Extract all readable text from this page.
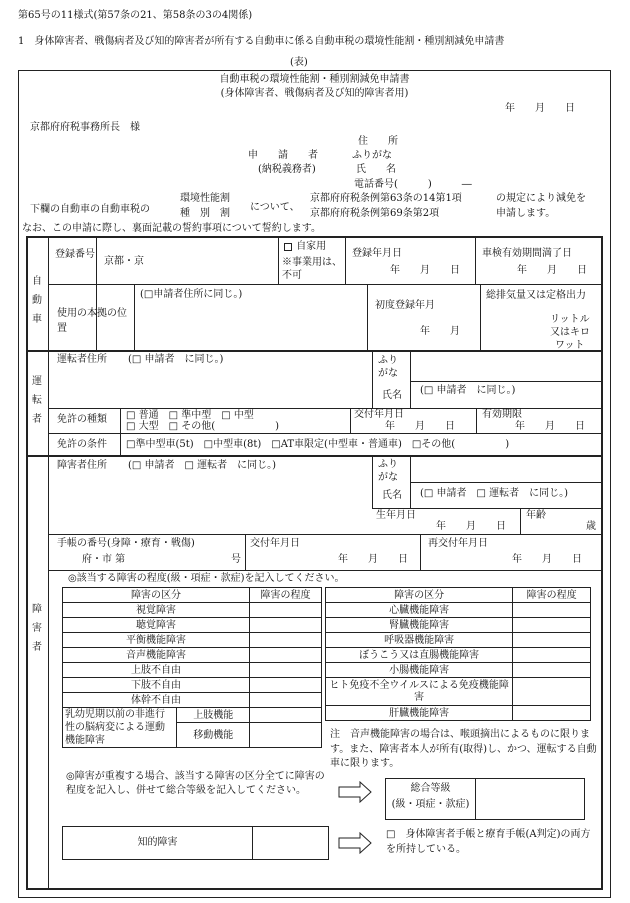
第65号の11様式(第57条の21、第58条の3の4関係)
1　身体障害者、戦傷病者及び知的障害者が所有する自動車に係る自動車税の環境性能割・種別割減免申請書
(表)
自動車税の環境性能割・種別割減免申請書
(身体障害者、戦傷病者及び知的障害者用)
年　　月　　日
京都府府税事務所長　様
申　　請　　者
(納税義務者)
住　　所
ふりがな
氏　　名
電話番号(　　　)　　　―
下欄の自動車の自動車税の
環境性能割
種　別　割
について、
京都府府税条例第63条の14第1項
京都府府税条例第69条第2項
の規定により減免を
申請します。
なお、この申請に際し、裏面記載の誓約事項について誓約します。
自動車
登録番号
京都・京
自家用
※事業用は、不可
登録年月日
年　　月　　日
車検有効期間満了日
年　　月　　日
使用の本拠の位置
(□申請者住所に同じ。)
初度登録年月
年　　月
総排気量又は定格出力
リットル
又はキロ
ワット
運転者
運転者住所 (□ 申請者　に同じ。)	ふりがな
氏名 (□ 申請者　に同じ。)
免許の種類 □ 普通　□ 準中型　□ 中型
□ 大型　□ その他(　　　　　　)
交付年月日
年　　月　　日
有効期限
年　　月　　日
免許の条件 □準中型車(5t)　□中型車(8t)　□AT車限定(中型車・普通車)　□その他(　　　　　)
障害者
障害者住所 (□ 申請者　□ 運転者　に同じ。)	ふりがな
氏名 (□ 申請者　□ 運転者　に同じ。)
生年月日
年　　月　　日
年齢
歳
手帳の番号(身障・療育・戦傷)
府・市 第	号
交付年月日
年　　月　　日
再交付年月日
年　　月　　日
◎該当する障害の程度(級・項症・款症)を記入してください。
障害の区分		障害の程度
視覚障害		
聴覚障害		
平衡機能障害		
音声機能障害		
上肢不自由		
下肢不自由		
体幹不自由		
乳幼児期以前の非進行性の脳病変による運動機能障害	上肢機能	
	移動機能	
障害の区分	障害の程度
心臓機能障害	
腎臓機能障害	
呼吸器機能障害	
ぼうこう又は直腸機能障害	
小腸機能障害	
ヒト免疫不全ウイルスによる免疫機能障害	
肝臓機能障害	
注　音声機能障害の場合は、喉頭摘出によるものに限ります。また、障害者本人が所有(取得)し、かつ、運転する自動車に限ります。
◎障害が重複する場合、該当する障害の区分全てに障害の程度を記入し、併せて総合等級を記入してください。	総合等級
(級・項症・款症)
知的障害
□　身体障害者手帳と療育手帳(A判定)の両方を所持している。
